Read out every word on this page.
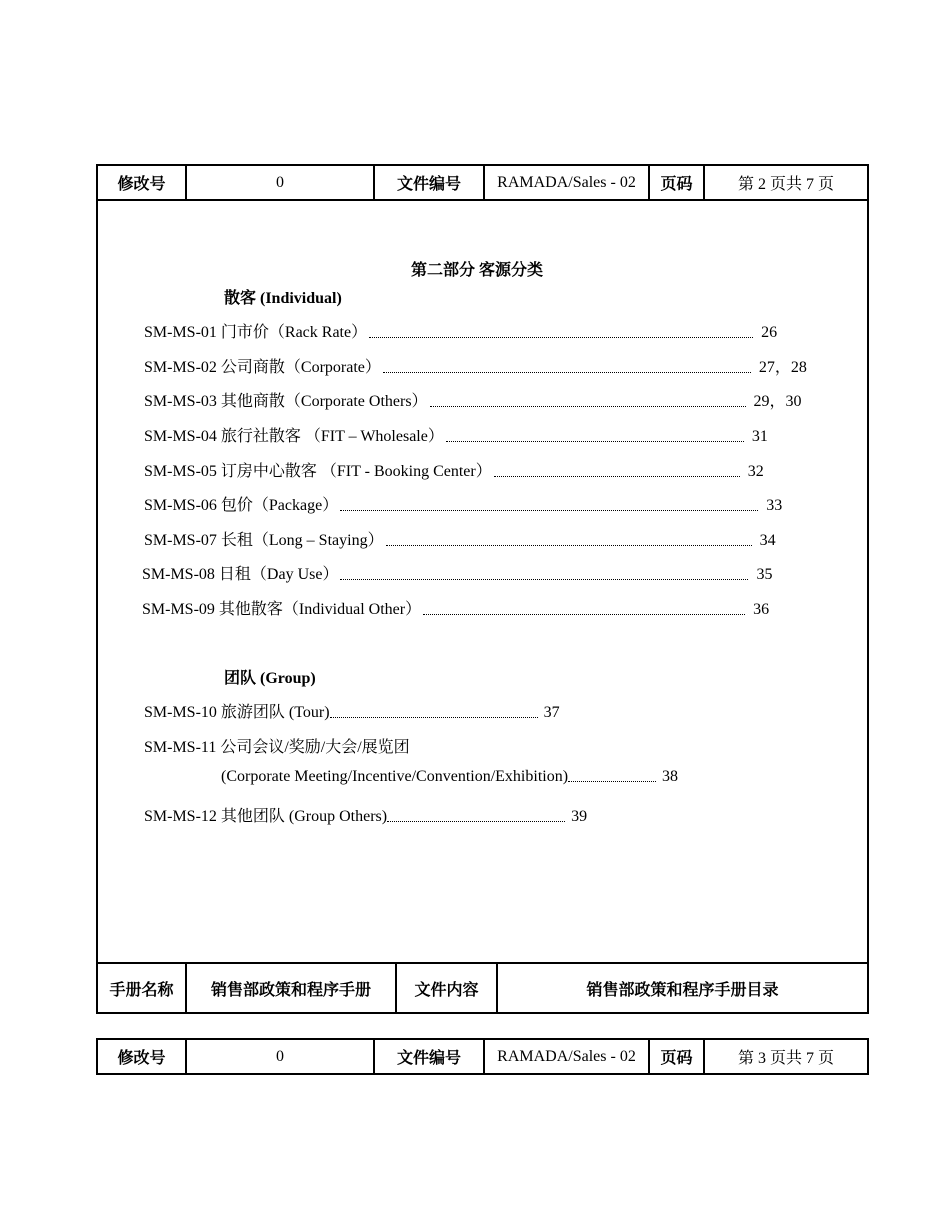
修改号	0	文件编号	RAMADA/Sales - 02	页码	第 2 页共 7 页
手册名称	销售部政策和程序手册	文件内容	销售部政策和程序手册目录
第二部分 客源分类
散客 (Individual)
SM-MS-01 门市价（Rack Rate）	26
SM-MS-02 公司商散（Corporate）	27，28
SM-MS-03 其他商散（Corporate Others）	29，30
SM-MS-04 旅行社散客 （FIT – Wholesale）	31
SM-MS-05 订房中心散客 （FIT - Booking Center）	32
SM-MS-06 包价（Package）	33
SM-MS-07 长租（Long – Staying）	34
SM-MS-08 日租（Day Use）	35
SM-MS-09 其他散客（Individual Other）	36
团队 (Group)
SM-MS-10 旅游团队 (Tour)	37
SM-MS-11 公司会议/奖励/大会/展览团
(Corporate Meeting/Incentive/Convention/Exhibition)	38
SM-MS-12 其他团队 (Group Others)	39
修改号	0	文件编号	RAMADA/Sales - 02	页码	第 3 页共 7 页
